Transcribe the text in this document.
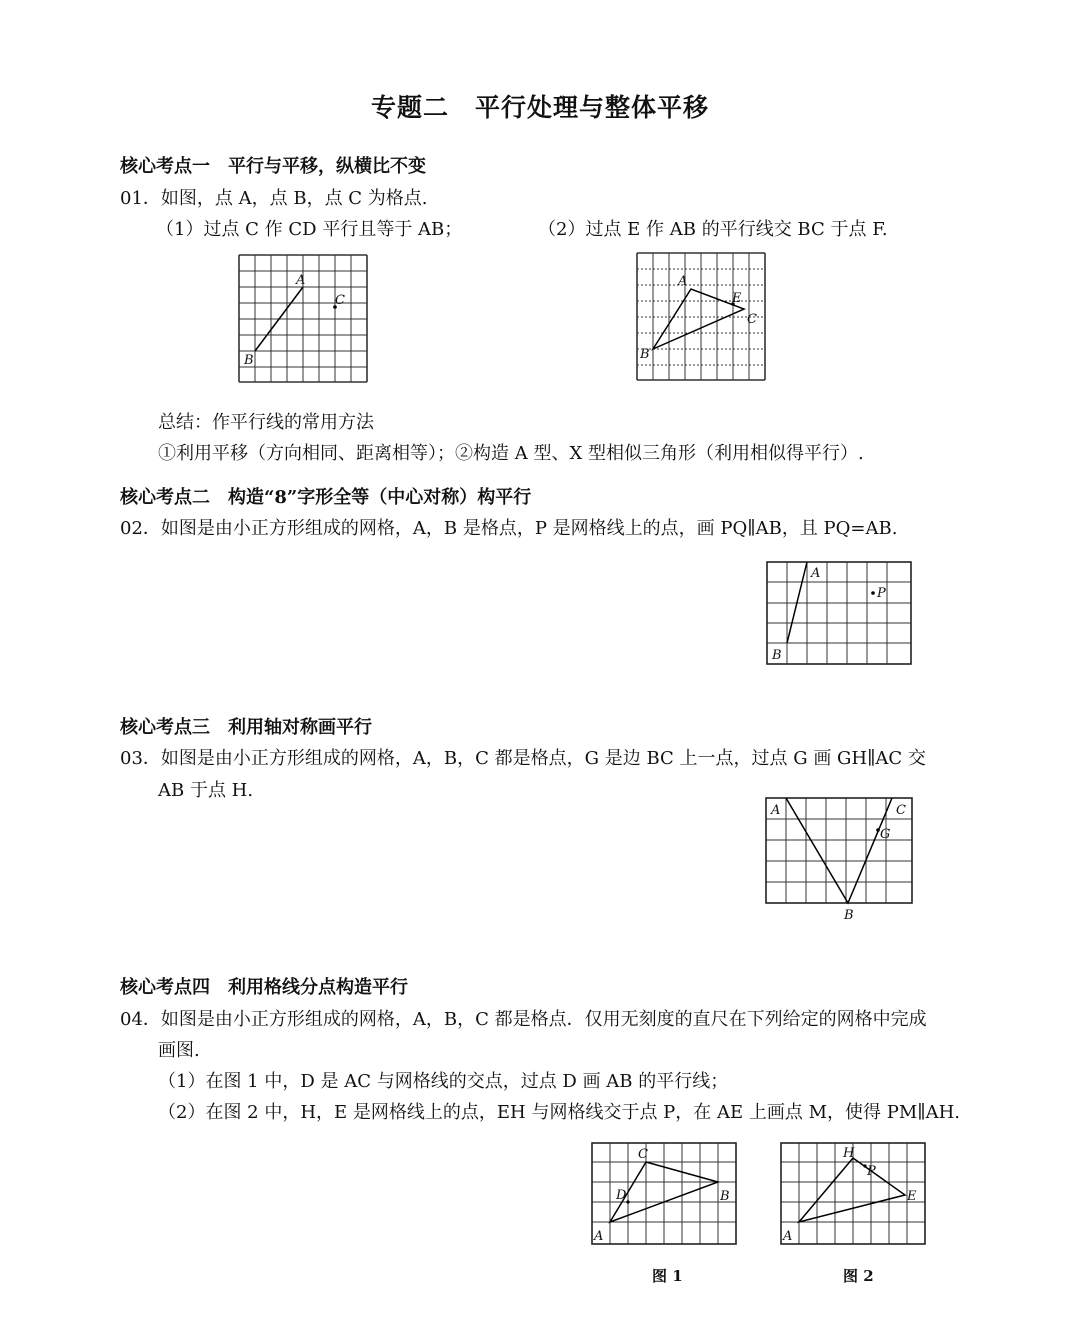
专题二　平行处理与整体平移
核心考点一　平行与平移，纵横比不变
01．如图，点 A，点 B，点 C 为格点.
（1）过点 C 作 CD 平行且等于 AB；	（2）过点 E 作 AB 的平行线交 BC 于点 F.
A
B
C
A
B
C
E
总结：作平行线的常用方法
①利用平移（方向相同、距离相等）；②构造 A 型、X 型相似三角形（利用相似得平行）.
核心考点二　构造“8”字形全等（中心对称）构平行
02．如图是由小正方形组成的网格，A，B 是格点，P 是网格线上的点，画 PQ∥AB，且 PQ=AB.
A
B
P
核心考点三　利用轴对称画平行
03．如图是由小正方形组成的网格，A，B，C 都是格点，G 是边 BC 上一点，过点 G 画 GH∥AC 交
AB 于点 H.
A	C
G
B
核心考点四　利用格线分点构造平行
04．如图是由小正方形组成的网格，A，B，C 都是格点．仅用无刻度的直尺在下列给定的网格中完成
画图.
（1）在图 1 中，D 是 AC 与网格线的交点，过点 D 画 AB 的平行线；
（2）在图 2 中，H，E 是网格线上的点，EH 与网格线交于点 P，在 AE 上画点 M，使得 PM∥AH.
A
C
B
D
图 1
A
H
P
E
图 2
